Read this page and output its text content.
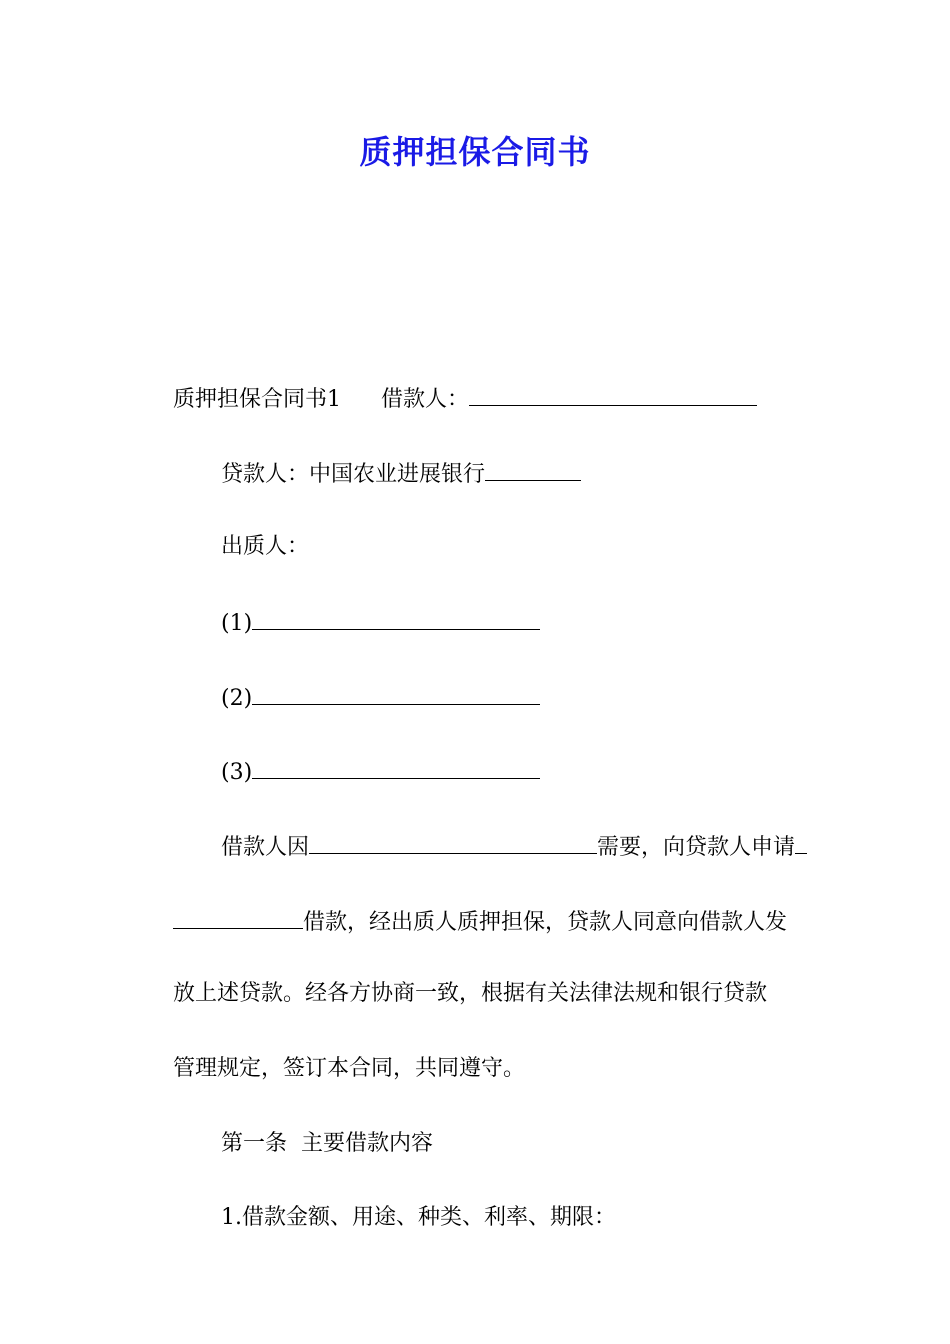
质押担保合同书

质押担保合同书1 借款人：

贷款人：中国农业进展银行

出质人：

(1)

(2)

(3)

借款人因	需要，向贷款人申请

借款，经出质人质押担保，贷款人同意向借款人发

放上述贷款。经各方协商一致，根据有关法律法规和银行贷款

管理规定，签订本合同，共同遵守。

第一条  主要借款内容

1.借款金额、用途、种类、利率、期限：
